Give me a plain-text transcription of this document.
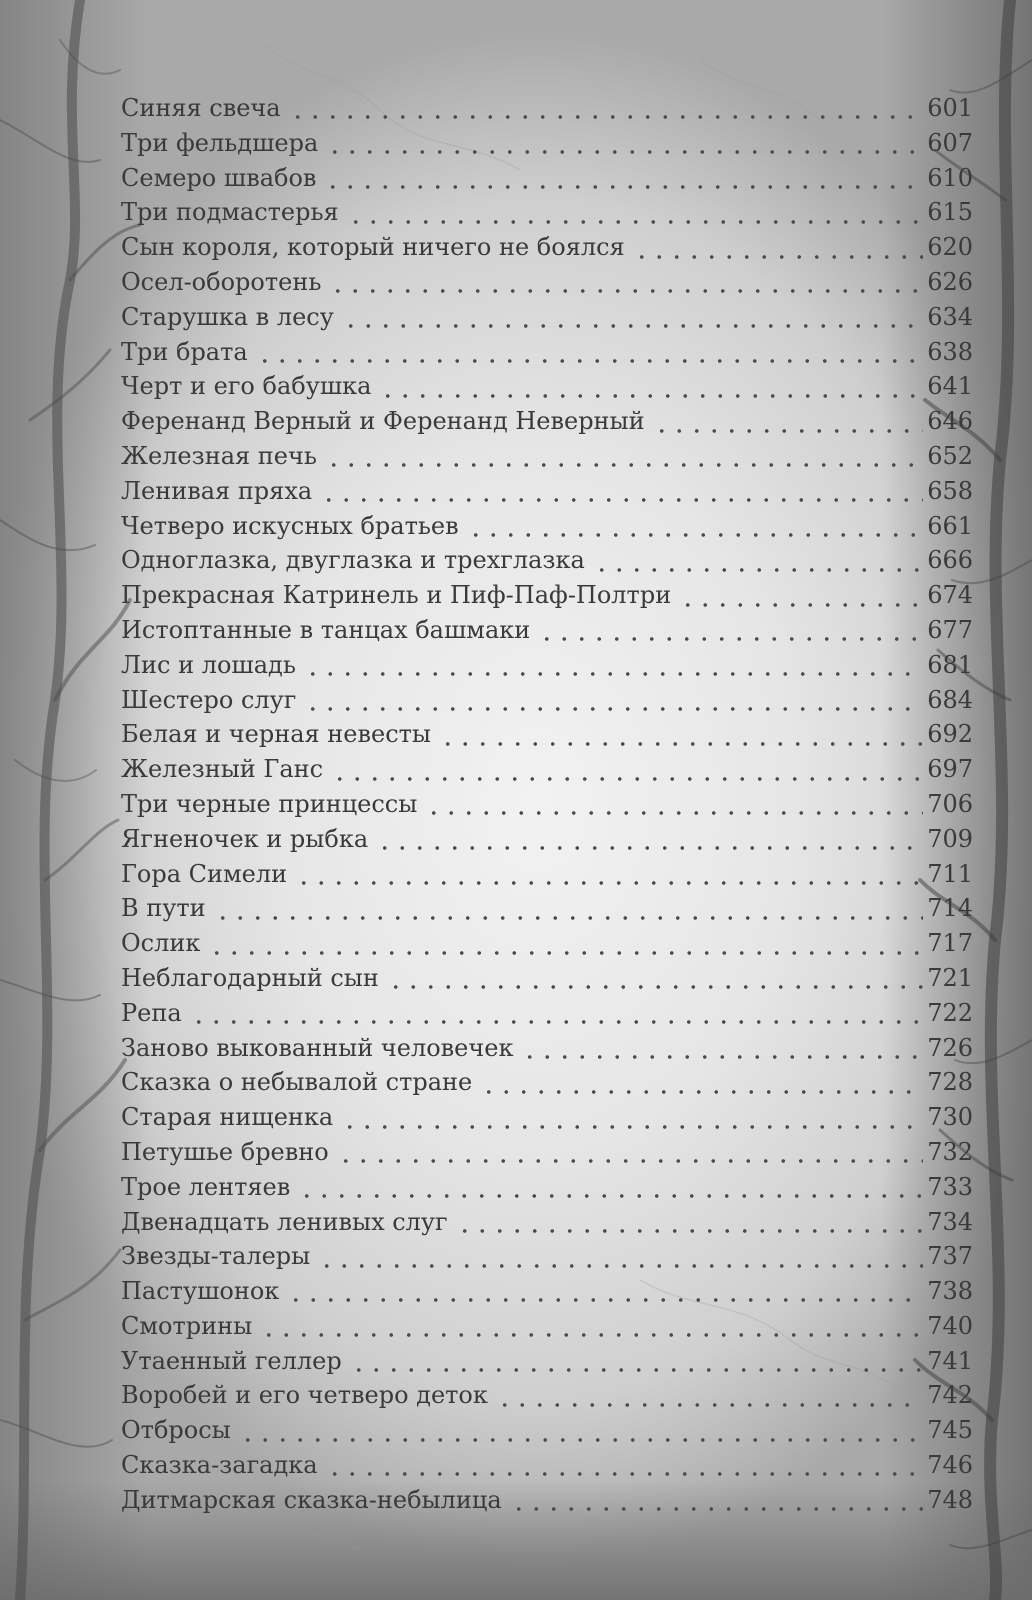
Синяя свеча	601
Три фельдшера	607
Семеро швабов	610
Три подмастерья	615
Сын короля, который ничего не боялся	620
Осел-оборотень	626
Старушка в лесу	634
Три брата	638
Черт и его бабушка	641
Ференанд Верный и Ференанд Неверный	646
Железная печь	652
Ленивая пряха	658
Четверо искусных братьев	661
Одноглазка, двуглазка и трехглазка	666
Прекрасная Катринель и Пиф-Паф-Полтри	674
Истоптанные в танцах башмаки	677
Лис и лошадь	681
Шестеро слуг	684
Белая и черная невесты	692
Железный Ганс	697
Три черные принцессы	706
Ягненочек и рыбка	709
Гора Симели	711
В пути	714
Ослик	717
Неблагодарный сын	721
Репа	722
Заново выкованный человечек	726
Сказка о небывалой стране	728
Старая нищенка	730
Петушье бревно	732
Трое лентяев	733
Двенадцать ленивых слуг	734
Звезды-талеры	737
Пастушонок	738
Смотрины	740
Утаенный геллер	741
Воробей и его четверо деток	742
Отбросы	745
Сказка-загадка	746
Дитмарская сказка-небылица	748
